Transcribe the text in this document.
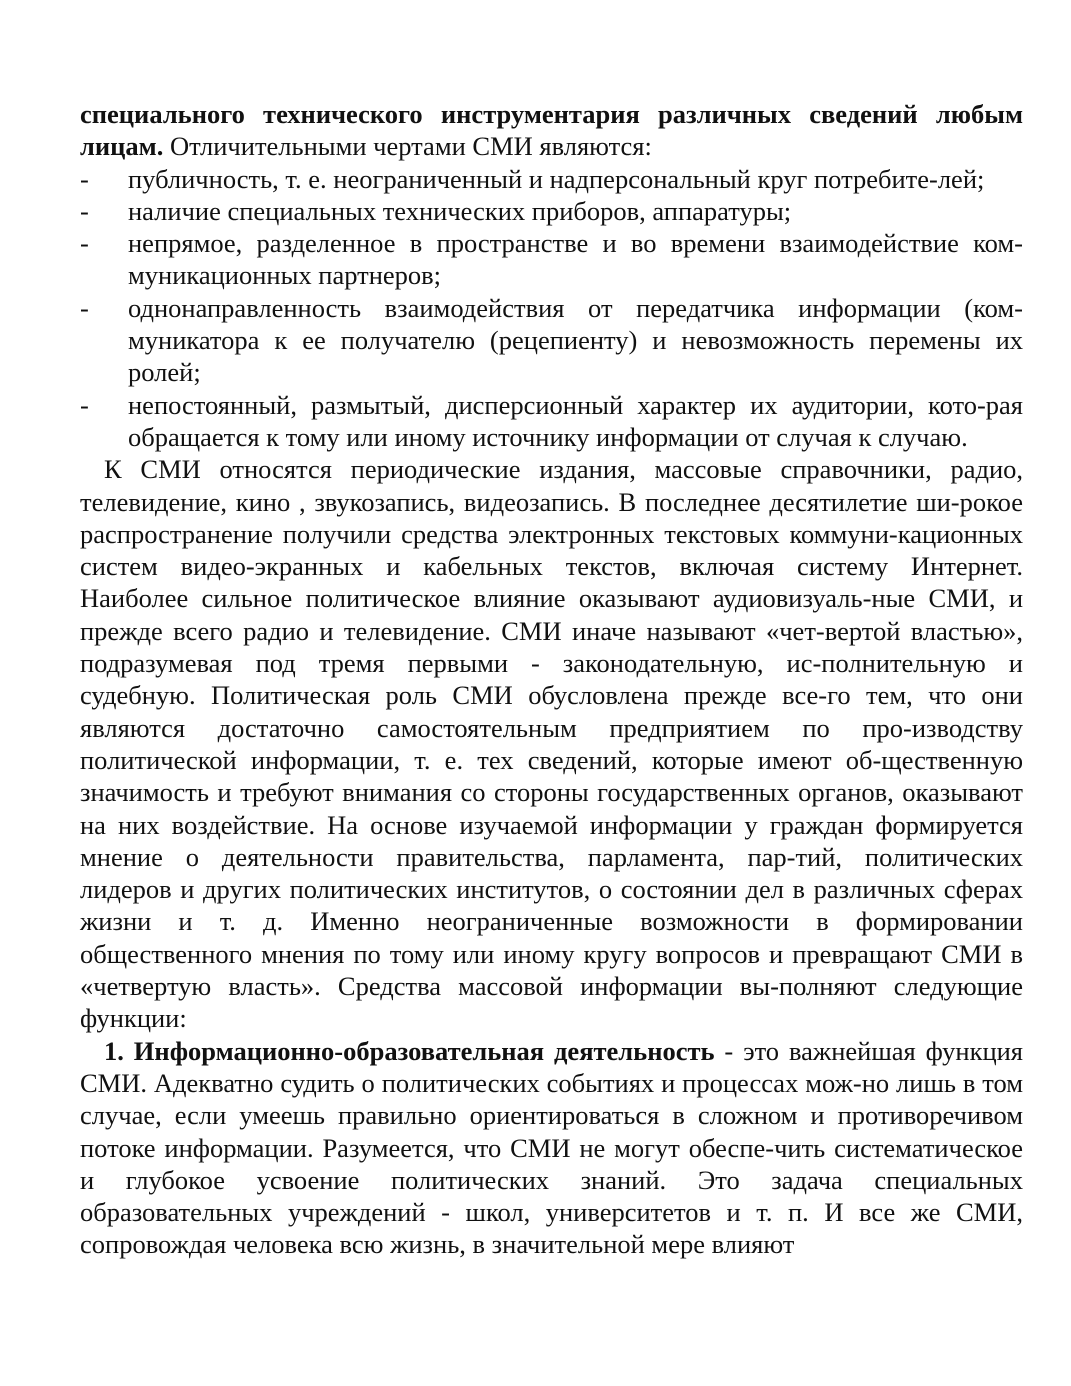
специального технического инструментария различных сведений любым лицам. Отличительными чертами СМИ являются:

- публичность, т. е. неограниченный и надперсональный круг потребите-лей;
- наличие специальных технических приборов, аппаратуры;
- непрямое, разделенное в пространстве и во времени взаимодействие ком-муникационных партнеров;
- однонаправленность взаимодействия от передатчика информации (ком-муникатора к ее получателю (рецепиенту) и невозможность перемены их ролей;
- непостоянный, размытый, дисперсионный характер их аудитории, кото-рая обращается к тому или иному источнику информации от случая к случаю.

К СМИ относятся периодические издания, массовые справочники, радио, телевидение, кино , звукозапись, видеозапись. В последнее десятилетие ши-рокое распространение получили средства электронных текстовых коммуни-кационных систем видео-экранных и кабельных текстов, включая систему Интернет. Наиболее сильное политическое влияние оказывают аудиовизуаль-ные СМИ, и прежде всего радио и телевидение. СМИ иначе называют «чет-вертой властью», подразумевая под тремя первыми - законодательную, ис-полнительную и судебную. Политическая роль СМИ обусловлена прежде все-го тем, что они являются достаточно самостоятельным предприятием по про-изводству политической информации, т. е. тех сведений, которые имеют об-щественную значимость и требуют внимания со стороны государственных органов, оказывают на них воздействие. На основе изучаемой информации у граждан формируется мнение о деятельности правительства, парламента, пар-тий, политических лидеров и других политических институтов, о состоянии дел в различных сферах жизни и т. д. Именно неограниченные возможности в формировании общественного мнения по тому или иному кругу вопросов и превращают СМИ в «четвертую власть». Средства массовой информации вы-полняют следующие функции:

1. Информационно-образовательная деятельность - это важнейшая функция СМИ. Адекватно судить о политических событиях и процессах мож-но лишь в том случае, если умеешь правильно ориентироваться в сложном и противоречивом потоке информации. Разумеется, что СМИ не могут обеспе-чить систематическое и глубокое усвоение политических знаний. Это задача специальных образовательных учреждений - школ, университетов и т. п. И все же СМИ, сопровождая человека всю жизнь, в значительной мере влияют
